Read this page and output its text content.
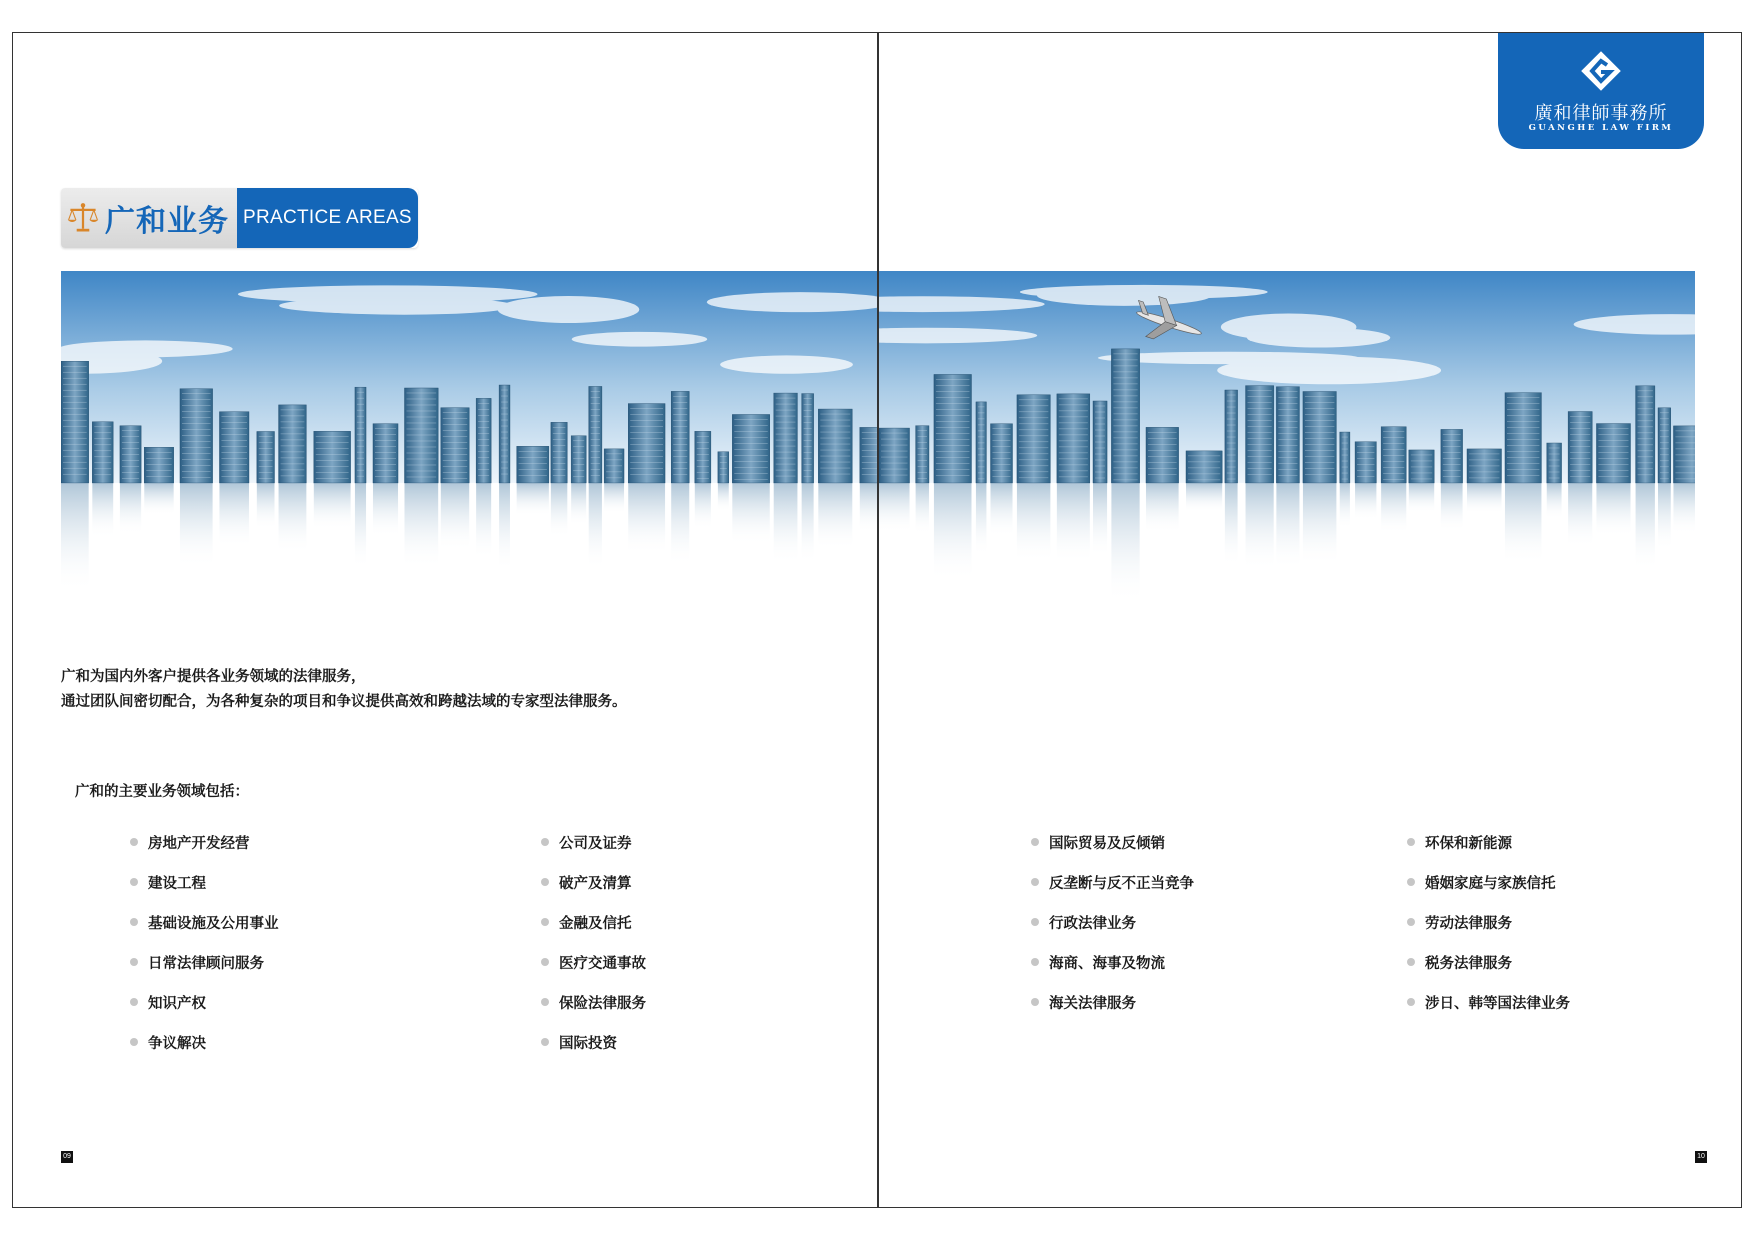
广和业务 PRACTICE AREAS

广和为国内外客户提供各业务领域的法律服务，

通过团队间密切配合，为各种复杂的项目和争议提供高效和跨越法域的专家型法律服务。

广和的主要业务领域包括：
房地产开发经营
建设工程
基础设施及公用事业
日常法律顾问服务
知识产权
争议解决
公司及证券
破产及清算
金融及信托
医疗交通事故
保险法律服务
国际投资
09
廣和律師事務所
GUANGHE LAW FIRM
国际贸易及反倾销
反垄断与反不正当竞争
行政法律业务
海商、海事及物流
海关法律服务
环保和新能源
婚姻家庭与家族信托
劳动法律服务
税务法律服务
涉日、韩等国法律业务
10
